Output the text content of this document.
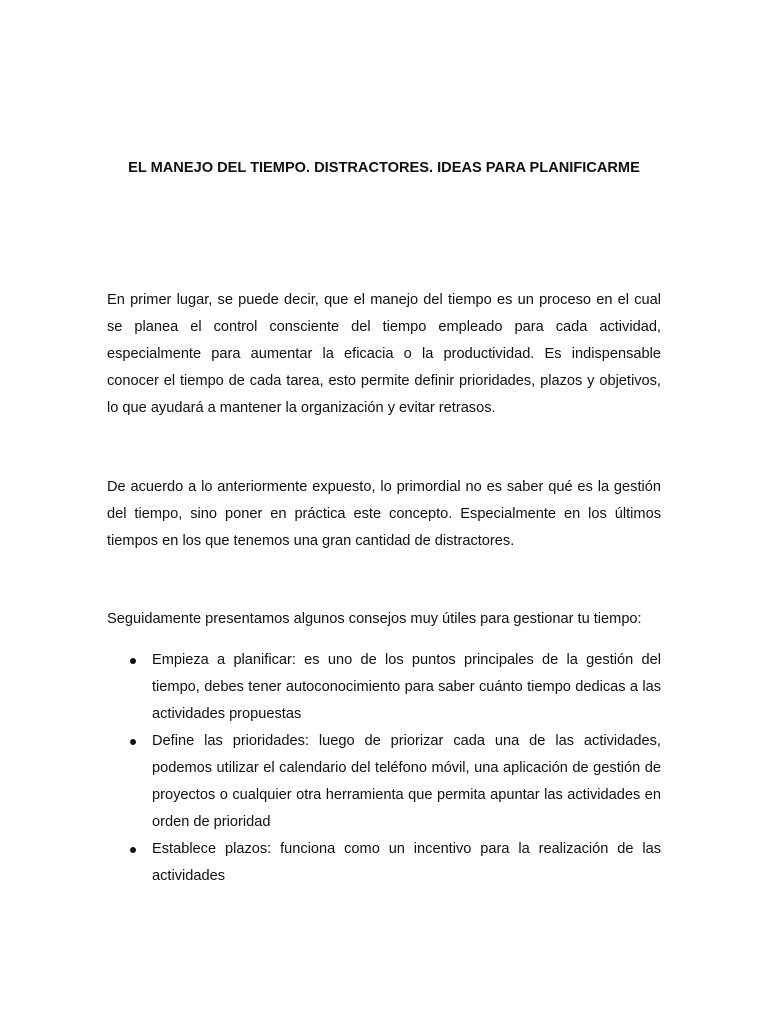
EL MANEJO DEL TIEMPO. DISTRACTORES. IDEAS PARA PLANIFICARME

En primer lugar, se puede decir, que el manejo del tiempo es un proceso en el cual se planea el control consciente del tiempo empleado para cada actividad, especialmente para aumentar la eficacia o la productividad. Es indispensable conocer el tiempo de cada tarea, esto permite definir prioridades, plazos y objetivos, lo que ayudará a mantener la organización y evitar retrasos.

De acuerdo a lo anteriormente expuesto, lo primordial no es saber qué es la gestión del tiempo, sino poner en práctica este concepto. Especialmente en los últimos tiempos en los que tenemos una gran cantidad de distractores.

Seguidamente presentamos algunos consejos muy útiles para gestionar tu tiempo:

Empieza a planificar: es uno de los puntos principales de la gestión del tiempo, debes tener autoconocimiento para saber cuánto tiempo dedicas a las actividades propuestas
Define las prioridades: luego de priorizar cada una de las actividades, podemos utilizar el calendario del teléfono móvil, una aplicación de gestión de proyectos o cualquier otra herramienta que permita apuntar las actividades en orden de prioridad
Establece plazos: funciona como un incentivo para la realización de las actividades
